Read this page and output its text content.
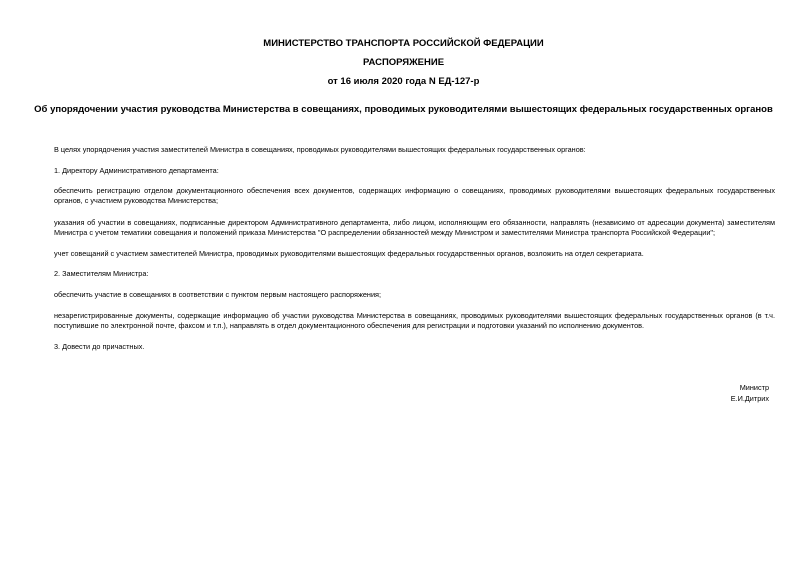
МИНИСТЕРСТВО ТРАНСПОРТА РОССИЙСКОЙ ФЕДЕРАЦИИ
РАСПОРЯЖЕНИЕ
от 16 июля 2020 года N ЕД-127-р
Об упорядочении участия руководства Министерства в совещаниях, проводимых руководителями вышестоящих федеральных государственных органов
В целях упорядочения участия заместителей Министра в совещаниях, проводимых руководителями вышестоящих федеральных государственных органов:
1. Директору Административного департамента:
обеспечить регистрацию отделом документационного обеспечения всех документов, содержащих информацию о совещаниях, проводимых руководителями вышестоящих федеральных государственных органов, с участием руководства Министерства;
указания об участии в совещаниях, подписанные директором Административного департамента, либо лицом, исполняющим его обязанности, направлять (независимо от адресации документа) заместителям Министра с учетом тематики совещания и положений приказа Министерства "О распределении обязанностей между Министром и заместителями Министра транспорта Российской Федерации";
учет совещаний с участием заместителей Министра, проводимых руководителями вышестоящих федеральных государственных органов, возложить на отдел секретариата.
2. Заместителям Министра:
обеспечить участие в совещаниях в соответствии с пунктом первым настоящего распоряжения;
незарегистрированные документы, содержащие информацию об участии руководства Министерства в совещаниях, проводимых руководителями вышестоящих федеральных государственных органов (в т.ч. поступившие по электронной почте, факсом и т.п.), направлять в отдел документационного обеспечения для регистрации и подготовки указаний по исполнению документов.
3. Довести до причастных.
Министр
Е.И.Дитрих
